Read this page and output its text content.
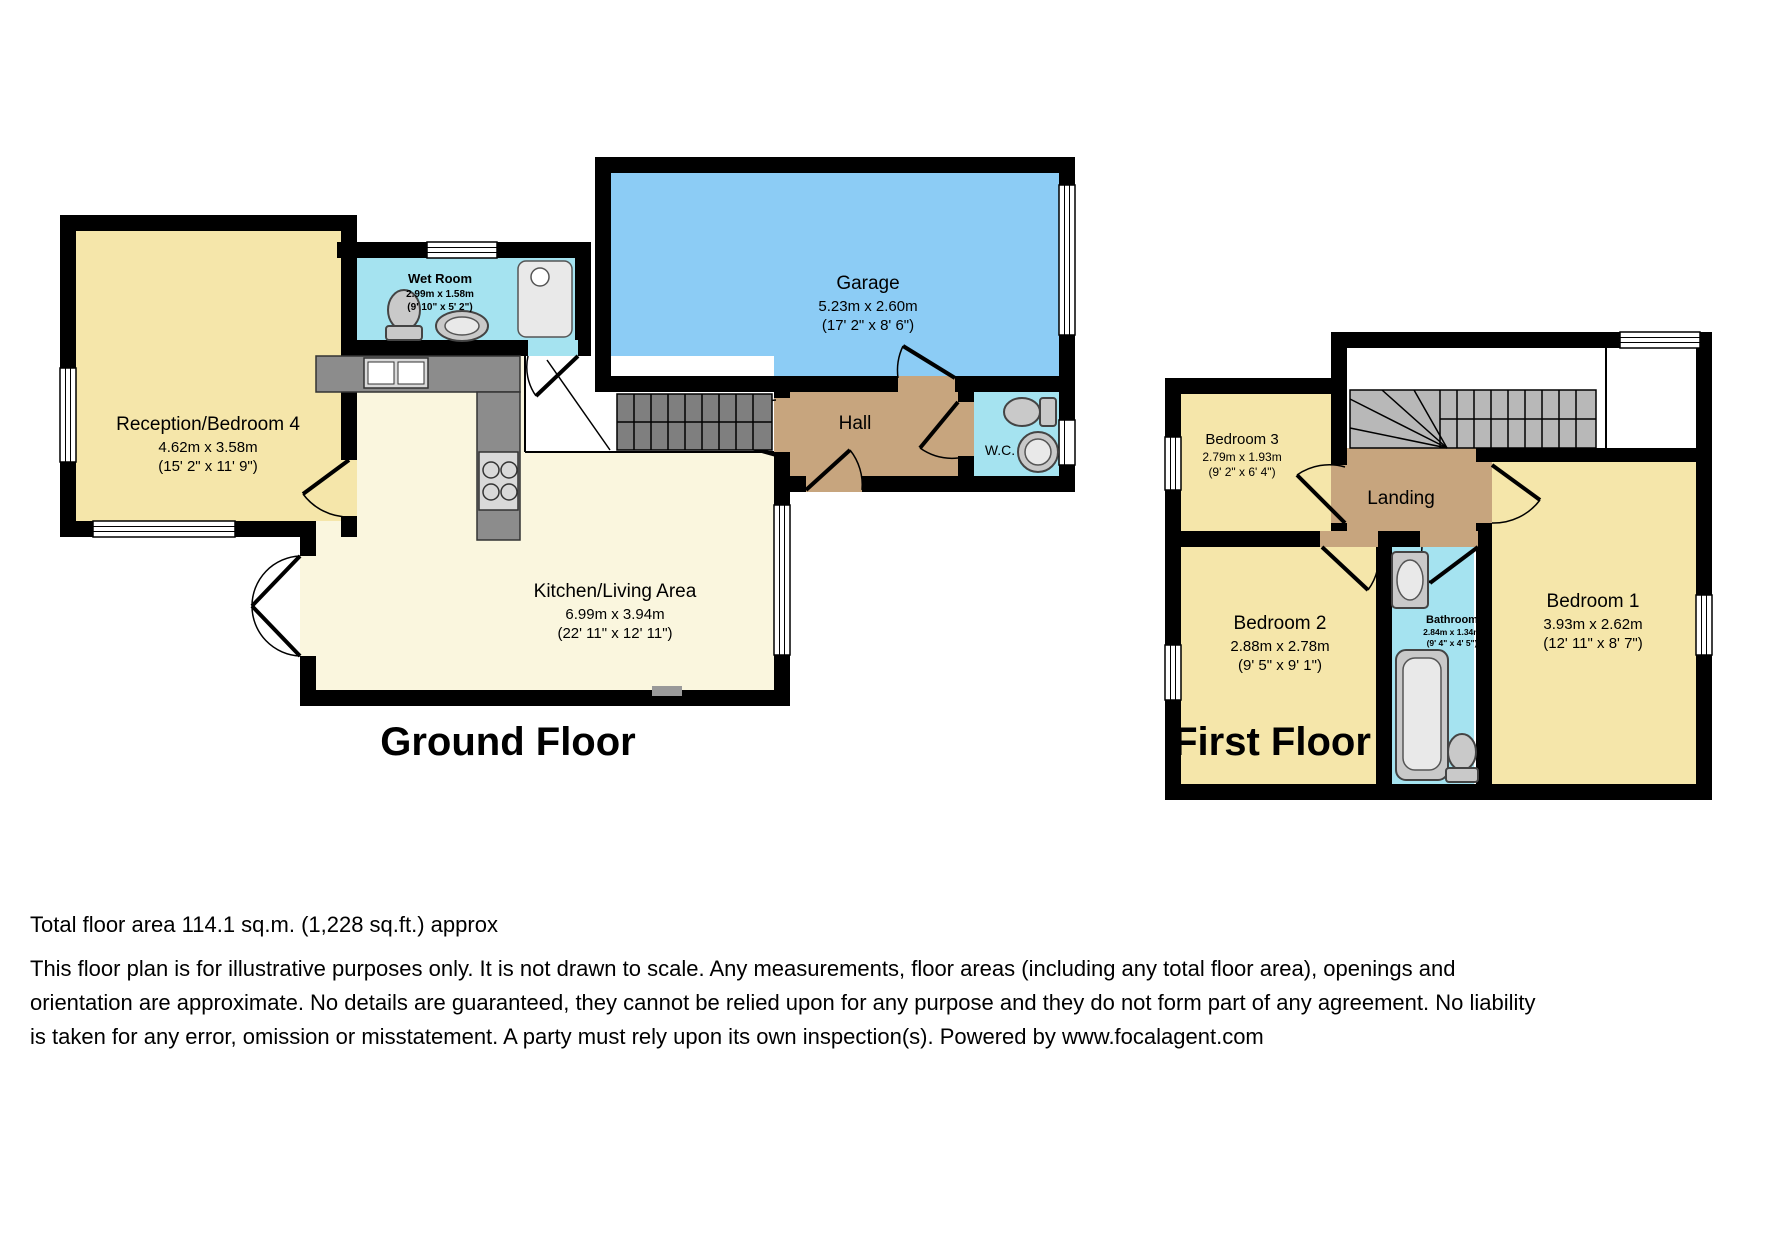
Reception/Bedroom 4
4.62m x 3.58m
(15' 2" x 11' 9")
Wet Room
2.99m x 1.58m
(9' 10" x 5' 2")
Garage
5.23m x 2.60m
(17' 2" x 8' 6")
Hall
W.C.
Kitchen/Living Area
6.99m x 3.94m
(22' 11" x 12' 11")
Bedroom 3
2.79m x 1.93m
(9' 2" x 6' 4")
Landing
Bedroom 2
2.88m x 2.78m
(9' 5" x 9' 1")
Bathroom
2.84m x 1.34m
(9' 4" x 4' 5")
Bedroom 1
3.93m x 2.62m
(12' 11" x 8' 7")
Ground Floor	First Floor
Total floor area 114.1 sq.m. (1,228 sq.ft.) approx
This floor plan is for illustrative purposes only. It is not drawn to scale. Any measurements, floor areas (including any total floor area), openings and orientation are approximate. No details are guaranteed, they cannot be relied upon for any purpose and they do not form part of any agreement. No liability is taken for any error, omission or misstatement. A party must rely upon its own inspection(s). Powered by www.focalagent.com
